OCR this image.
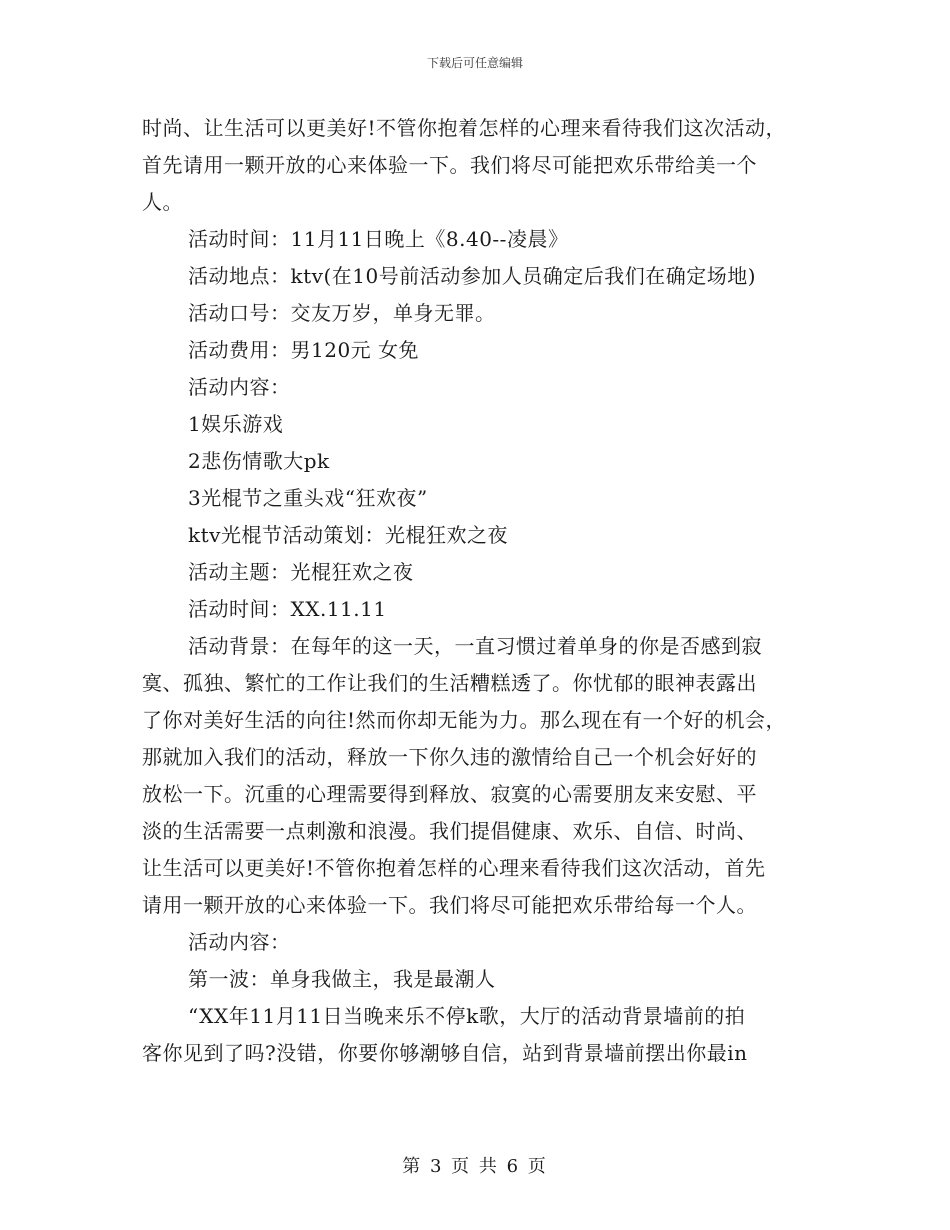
下载后可任意编辑
时尚、让生活可以更美好!不管你抱着怎样的心理来看待我们这次活动，
首先请用一颗开放的心来体验一下。我们将尽可能把欢乐带给美一个
人。
活动时间：11月11日晚上《8.40--凌晨》
活动地点：ktv(在10号前活动参加人员确定后我们在确定场地)
活动口号：交友万岁，单身无罪。
活动费用：男120元 女免
活动内容：
1娱乐游戏
2悲伤情歌大pk
3光棍节之重头戏“狂欢夜”
ktv光棍节活动策划：光棍狂欢之夜
活动主题：光棍狂欢之夜
活动时间：XX.11.11
活动背景：在每年的这一天，一直习惯过着单身的你是否感到寂
寞、孤独、繁忙的工作让我们的生活糟糕透了。你忧郁的眼神表露出
了你对美好生活的向往!然而你却无能为力。那么现在有一个好的机会，
那就加入我们的活动，释放一下你久违的激情给自己一个机会好好的
放松一下。沉重的心理需要得到释放、寂寞的心需要朋友来安慰、平
淡的生活需要一点刺激和浪漫。我们提倡健康、欢乐、自信、时尚、
让生活可以更美好!不管你抱着怎样的心理来看待我们这次活动，首先
请用一颗开放的心来体验一下。我们将尽可能把欢乐带给每一个人。
活动内容：
第一波：单身我做主，我是最潮人
“XX年11月11日当晚来乐不停k歌，大厅的活动背景墙前的拍
客你见到了吗?没错，你要你够潮够自信，站到背景墙前摆出你最in
第 3 页 共 6 页
